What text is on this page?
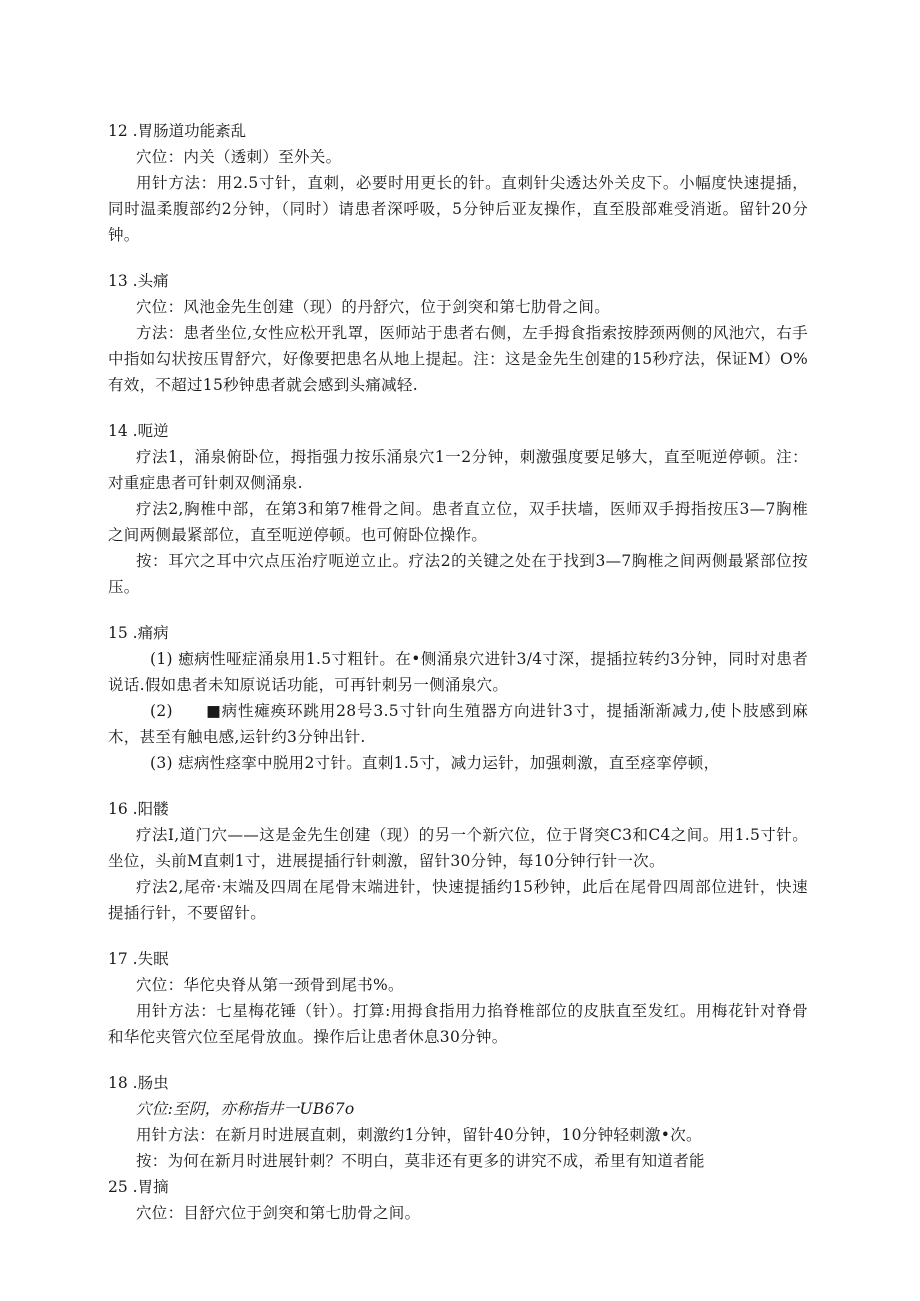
12 .胃肠道功能紊乱

穴位：内关（透刺）至外关。

用针方法：用2.5寸针，直刺，必要时用更长的针。直刺针尖透达外关皮下。小幅度快速提插，同时温柔腹部约2分钟，（同时）请患者深呼吸，5分钟后亚友操作，直至股部难受消逝。留针20分钟。

13 .头痛

穴位：风池金先生创建（现）的丹舒穴，位于剑突和第七肋骨之间。

方法：患者坐位,女性应松开乳罩，医师站于患者右侧，左手拇食指索按脖颈两侧的风池穴，右手中指如勾状按压胃舒穴，好像要把患名从地上提起。注：这是金先生创建的15秒疗法，保证M）O%有效，不超过15秒钟患者就会感到头痛减轻.

14 .呃逆

疗法1，涌泉俯卧位，拇指强力按乐涌泉穴1一2分钟，刺激强度要足够大，直至呃逆停顿。注：对重症患者可针刺双侧涌泉.

疗法2,胸椎中部，在第3和第7椎骨之间。患者直立位，双手扶墙，医师双手拇指按压3—7胸椎之间两侧最紧部位，直至呃逆停顿。也可俯卧位操作。

按：耳穴之耳中穴点压治疗呃逆立止。疗法2的关键之处在于找到3—7胸椎之间两侧最紧部位按压。

15 .痛病

(1) 癒病性哑症涌泉用1.5寸粗针。在•侧涌泉穴进针3/4寸深，提插拉转约3分钟，同时对患者说话.假如患者未知原说话功能，可再针刺另一侧涌泉穴。

(2)　　■病性瘫痪环跳用28号3.5寸针向生殖器方向进针3寸，提插渐渐减力,使卜肢感到麻木，甚至有触电感,运针约3分钟出针.

(3) 痣病性痉挛中脱用2寸针。直刺1.5寸，减力运针，加强刺激，直至痉挛停顿，

16 .阳髅

疗法I,道门穴——这是金先生创建（现）的另一个新穴位，位于肾突C3和C4之间。用1.5寸针。坐位，头前M直刺1寸，进展提插行针刺激，留针30分钟，每10分钟行针一次。

疗法2,尾帝·末端及四周在尾骨末端进针，快速提插约15秒钟，此后在尾骨四周部位进针，快速提插行针，不要留针。

17 .失眠

穴位：华佗央脊从第一颈骨到尾书%。

用针方法：七星梅花锤（针）。打算:用拇食指用力掐脊椎部位的皮肤直至发红。用梅花针对脊骨和华佗夹管穴位至尾骨放血。操作后让患者休息30分钟。

18 .肠虫

穴位:至阴，亦称指井一UB67o

用针方法：在新月时进展直刺，刺激约1分钟，留针40分钟，10分钟轻刺激•次。

按：为何在新月时进展针刺？不明白，莫非还有更多的讲究不成，希里有知道者能

25 .胃摘

穴位：目舒穴位于剑突和第七肋骨之间。
